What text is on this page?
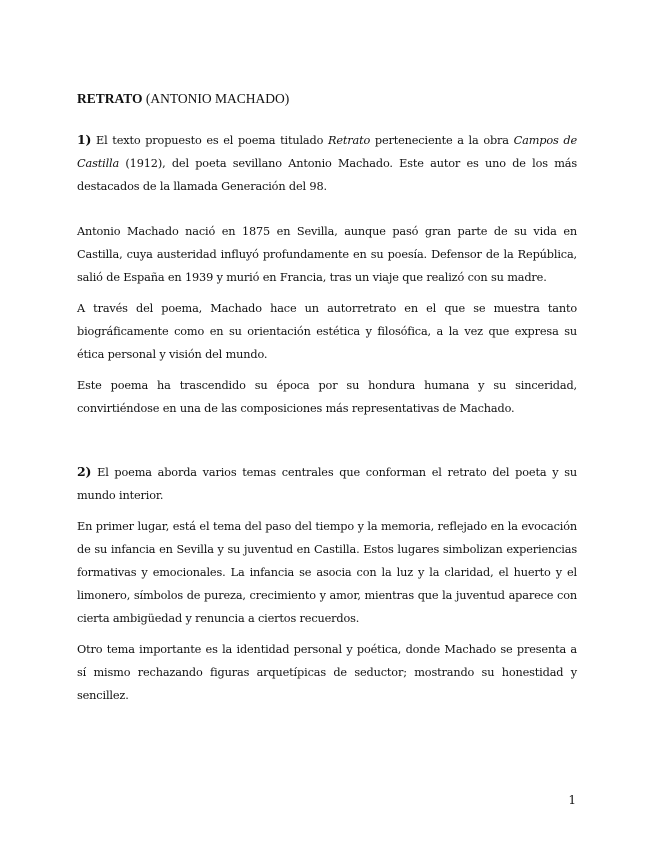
RETRATO (ANTONIO MACHADO)

1) El texto propuesto es el poema titulado Retrato perteneciente a la obra Campos de Castilla (1912), del poeta sevillano Antonio Machado. Este autor es uno de los más destacados de la llamada Generación del 98.

Antonio Machado nació en 1875 en Sevilla, aunque pasó gran parte de su vida en Castilla, cuya austeridad influyó profundamente en su poesía. Defensor de la República, salió de España en 1939 y murió en Francia, tras un viaje que realizó con su madre.

A través del poema, Machado hace un autorretrato en el que se muestra tanto biográficamente como en su orientación estética y filosófica, a la vez que expresa su ética personal y visión del mundo.

Este poema ha trascendido su época por su hondura humana y su sinceridad, convirtiéndose en una de las composiciones más representativas de Machado.

2) El poema aborda varios temas centrales que conforman el retrato del poeta y su mundo interior.

En primer lugar, está el tema del paso del tiempo y la memoria, reflejado en la evocación de su infancia en Sevilla y su juventud en Castilla. Estos lugares simbolizan experiencias formativas y emocionales. La infancia se asocia con la luz y la claridad, el huerto y el limonero, símbolos de pureza, crecimiento y amor, mientras que la juventud aparece con cierta ambigüedad y renuncia a ciertos recuerdos.

Otro tema importante es la identidad personal y poética, donde Machado se presenta a sí mismo rechazando figuras arquetípicas de seductor; mostrando su honestidad y sencillez.

1
